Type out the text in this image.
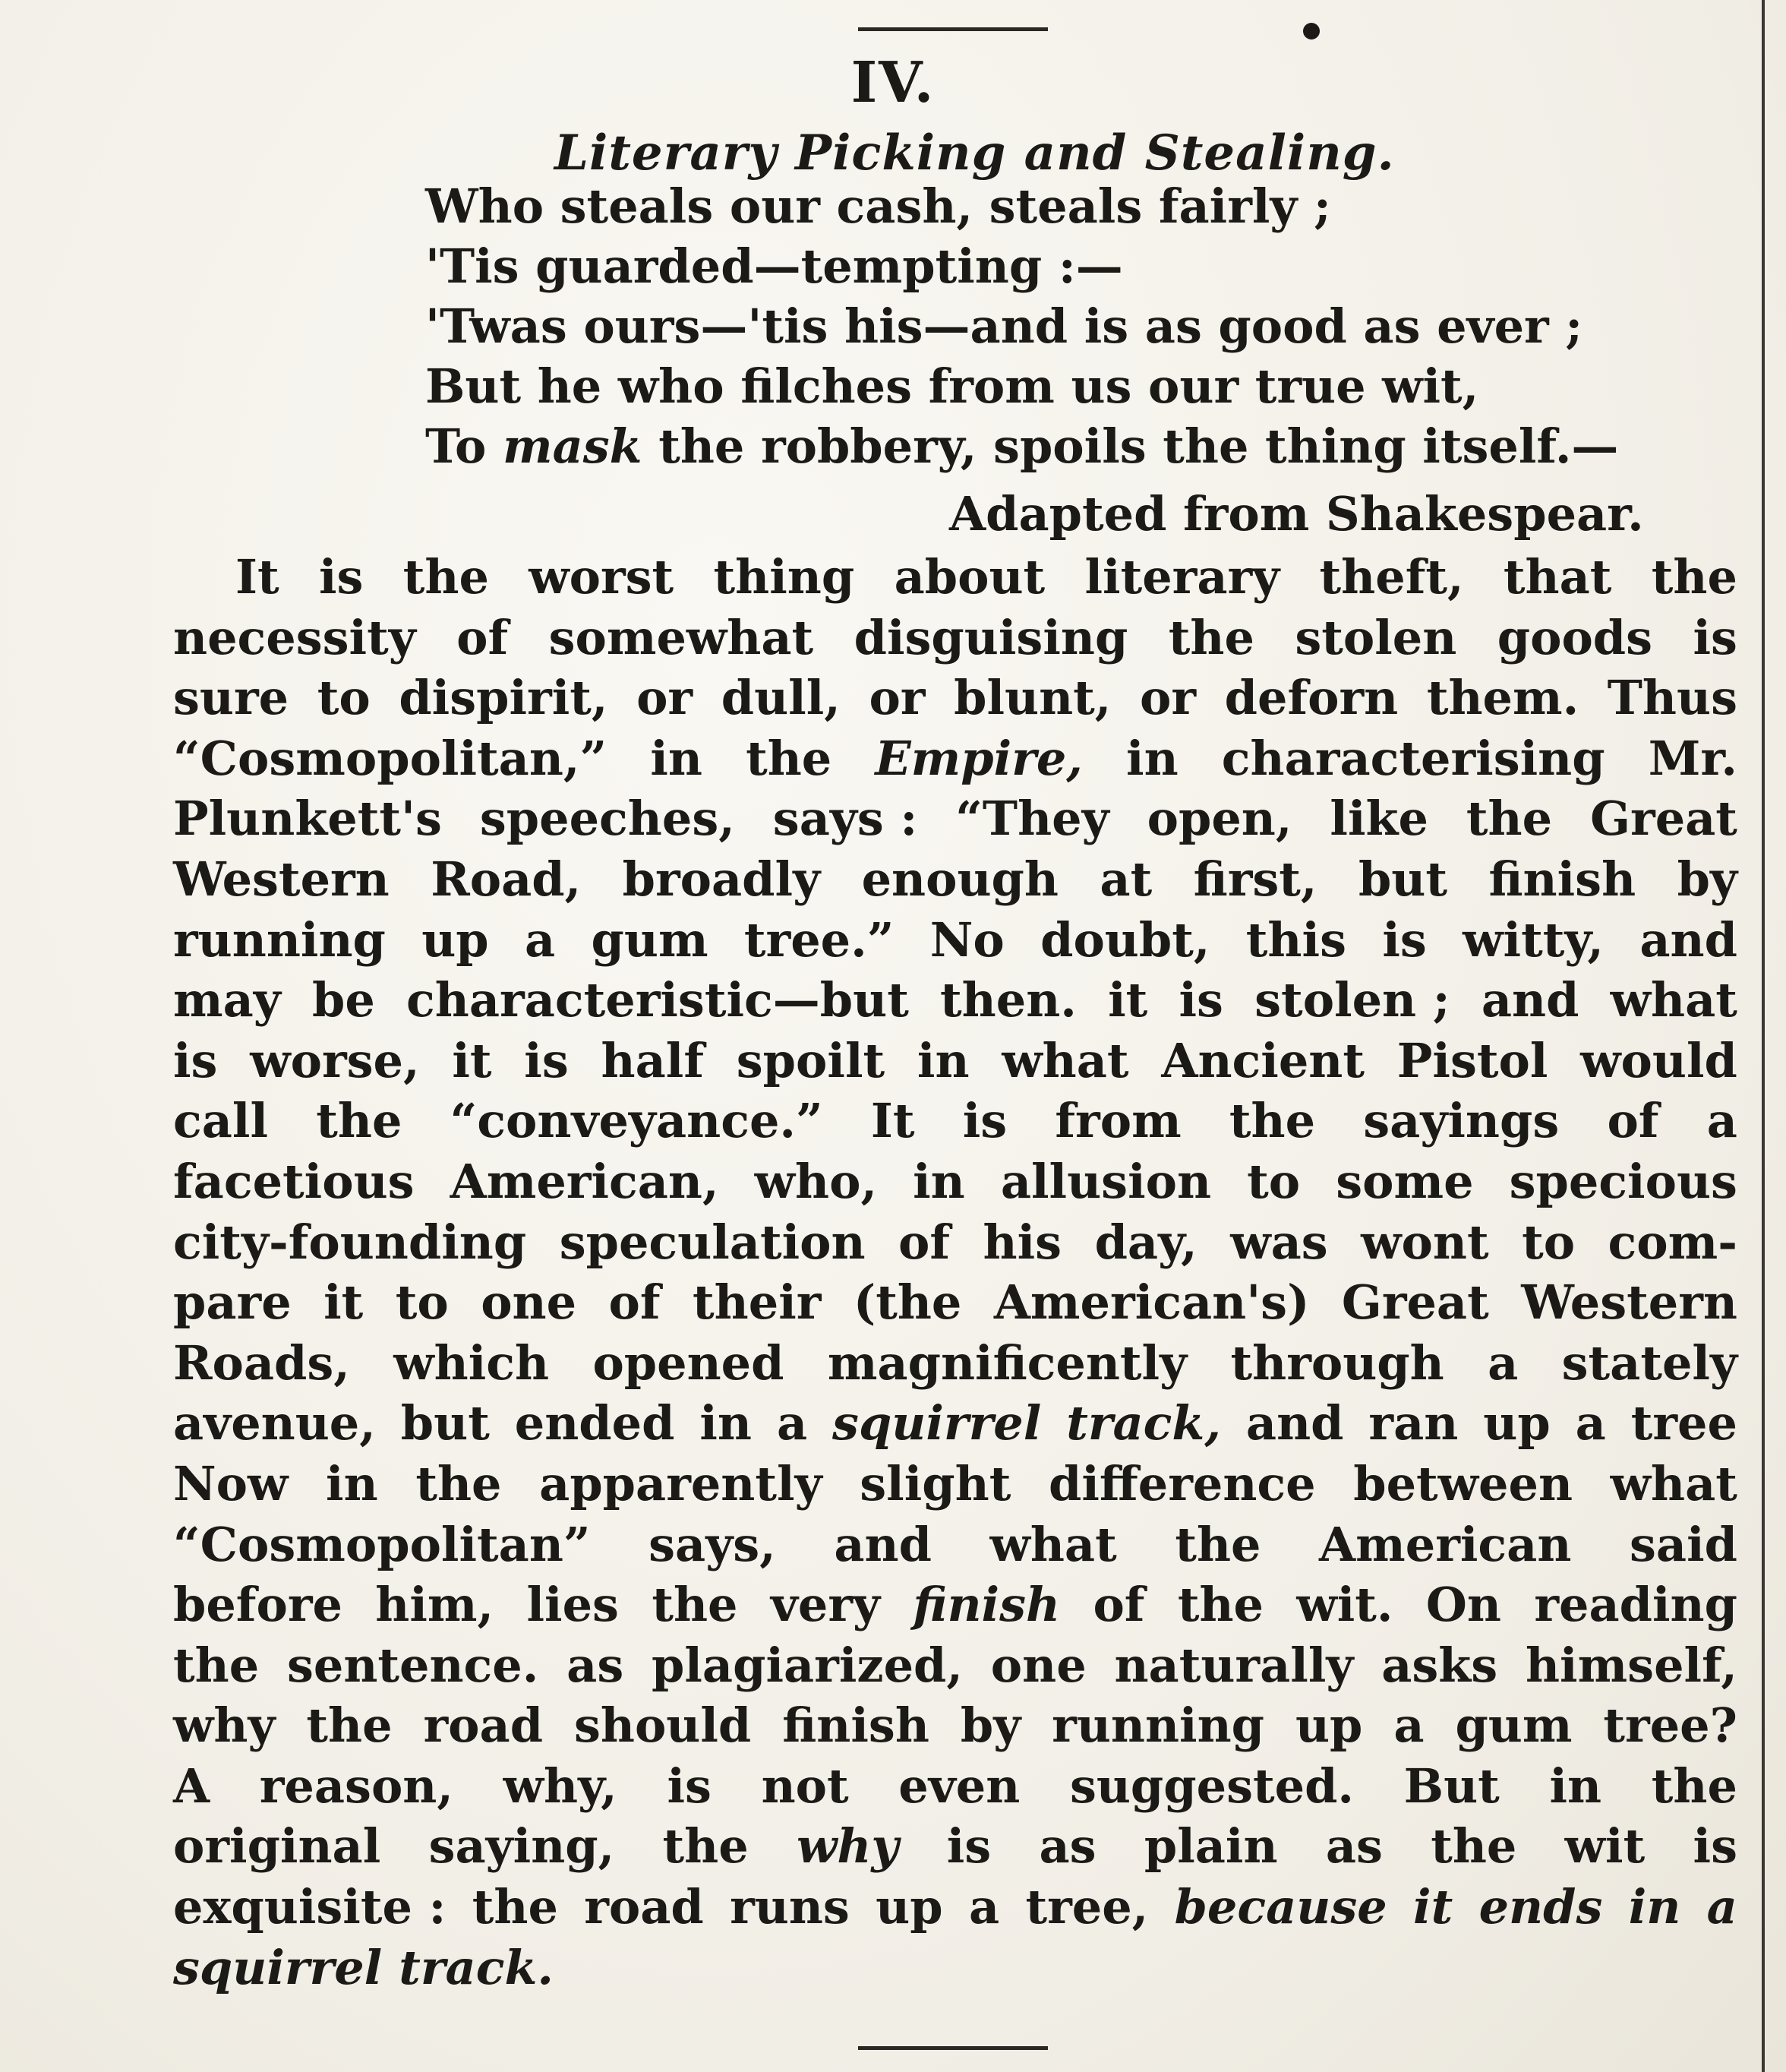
IV.
Literary Picking and Stealing.
Who steals our cash, steals fairly ;
'Tis guarded—tempting :—
'Twas ours—'tis his—and is as good as ever ;
But he who filches from us our true wit,
To mask the robbery, spoils the thing itself.—
Adapted from Shakespear.
It is the worst thing about literary theft, that the
necessity of somewhat disguising the stolen goods is
sure to dispirit, or dull, or blunt, or deforn them. Thus
“Cosmopolitan,” in the Empire, in characterising Mr.
Plunkett's speeches, says : “They open, like the Great
Western Road, broadly enough at first, but finish by
running up a gum tree.” No doubt, this is witty, and
may be characteristic—but then. it is stolen ; and what
is worse, it is half spoilt in what Ancient Pistol would
call the “conveyance.” It is from the sayings of a
facetious American, who, in allusion to some specious
city-founding speculation of his day, was wont to com-
pare it to one of their (the American's) Great Western
Roads, which opened magnificently through a stately
avenue, but ended in a squirrel track, and ran up a tree
Now in the apparently slight difference between what
“Cosmopolitan” says, and what the American said
before him, lies the very finish of the wit. On reading
the sentence. as plagiarized, one naturally asks himself,
why the road should finish by running up a gum tree?
A reason, why, is not even suggested. But in the
original saying, the why is as plain as the wit is
exquisite : the road runs up a tree, because it ends in a
squirrel track.
